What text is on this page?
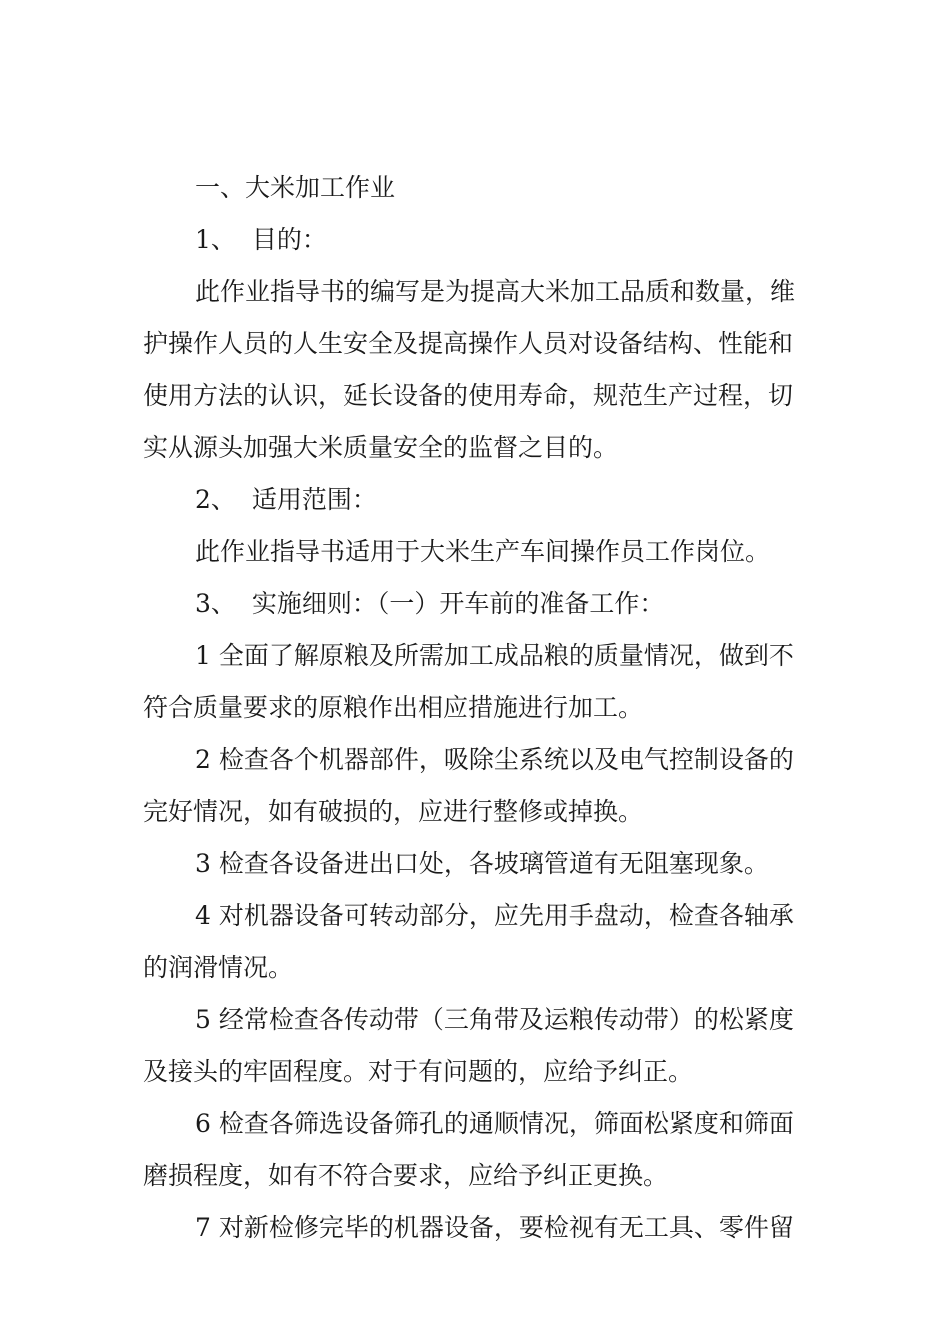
一、大米加工作业
1、 目的：
此作业指导书的编写是为提高大米加工品质和数量，维
护操作人员的人生安全及提高操作人员对设备结构、性能和
使用方法的认识，延长设备的使用寿命，规范生产过程，切
实从源头加强大米质量安全的监督之目的。
2、 适用范围：
此作业指导书适用于大米生产车间操作员工作岗位。
3、 实施细则：（一）开车前的准备工作：
1 全面了解原粮及所需加工成品粮的质量情况，做到不
符合质量要求的原粮作出相应措施进行加工。
2 检查各个机器部件，吸除尘系统以及电气控制设备的
完好情况，如有破损的，应进行整修或掉换。
3 检查各设备进出口处，各坡璃管道有无阻塞现象。
4 对机器设备可转动部分，应先用手盘动，检查各轴承
的润滑情况。
5 经常检查各传动带（三角带及运粮传动带）的松紧度
及接头的牢固程度。对于有问题的，应给予纠正。
6 检查各筛选设备筛孔的通顺情况，筛面松紧度和筛面
磨损程度，如有不符合要求，应给予纠正更换。
7 对新检修完毕的机器设备，要检视有无工具、零件留
